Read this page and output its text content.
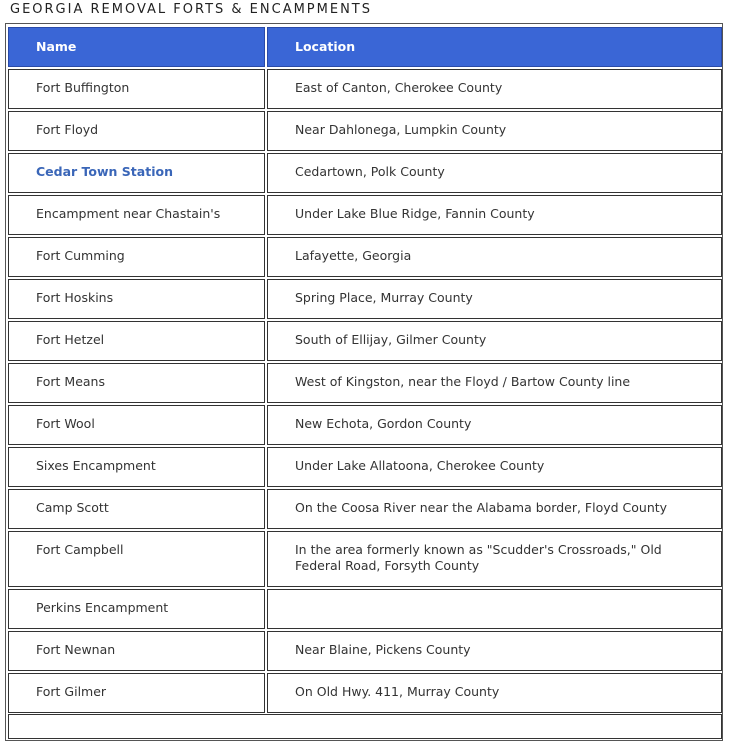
GEORGIA REMOVAL FORTS & ENCAMPMENTS
Name	Location
Fort Buffington	East of Canton, Cherokee County
Fort Floyd	Near Dahlonega, Lumpkin County
Cedar Town Station	Cedartown, Polk County
Encampment near Chastain's	Under Lake Blue Ridge, Fannin County
Fort Cumming	Lafayette, Georgia
Fort Hoskins	Spring Place, Murray County
Fort Hetzel	South of Ellijay, Gilmer County
Fort Means	West of Kingston, near the Floyd / Bartow County line
Fort Wool	New Echota, Gordon County
Sixes Encampment	Under Lake Allatoona, Cherokee County
Camp Scott	On the Coosa River near the Alabama border, Floyd County
Fort Campbell	In the area formerly known as "Scudder's Crossroads," Old Federal Road, Forsyth County
Perkins Encampment
Fort Newnan	Near Blaine, Pickens County
Fort Gilmer	On Old Hwy. 411, Murray County
